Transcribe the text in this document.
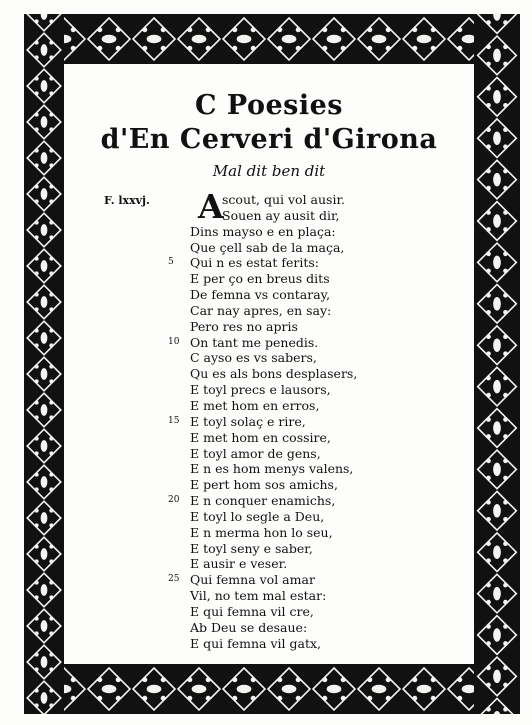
C Poesies
d'En Cerveri d'Girona
Mal dit ben dit
F. lxxvj. A
scout, qui vol ausir.
Souen ay ausit dir,
Dins mayso e en plaça:
Que çell sab de la maça,
5 Qui n es estat ferits:
E per ço en breus dits
De femna vs contaray,
Car nay apres, en say:
Pero res no apris
10 On tant me penedis.
C ayso es vs sabers,
Qu es als bons desplasers,
E toyl precs e lausors,
E met hom en erros,
15 E toyl solaç e rire,
E met hom en cossire,
E toyl amor de gens,
E n es hom menys valens,
E pert hom sos amichs,
20 E n conquer enamichs,
E toyl lo segle a Deu,
E n merma hon lo seu,
E toyl seny e saber,
E ausir e veser.
25 Qui femna vol amar
Vil, no tem mal estar:
E qui femna vil cre,
Ab Deu se desaue:
E qui femna vil gatx,
